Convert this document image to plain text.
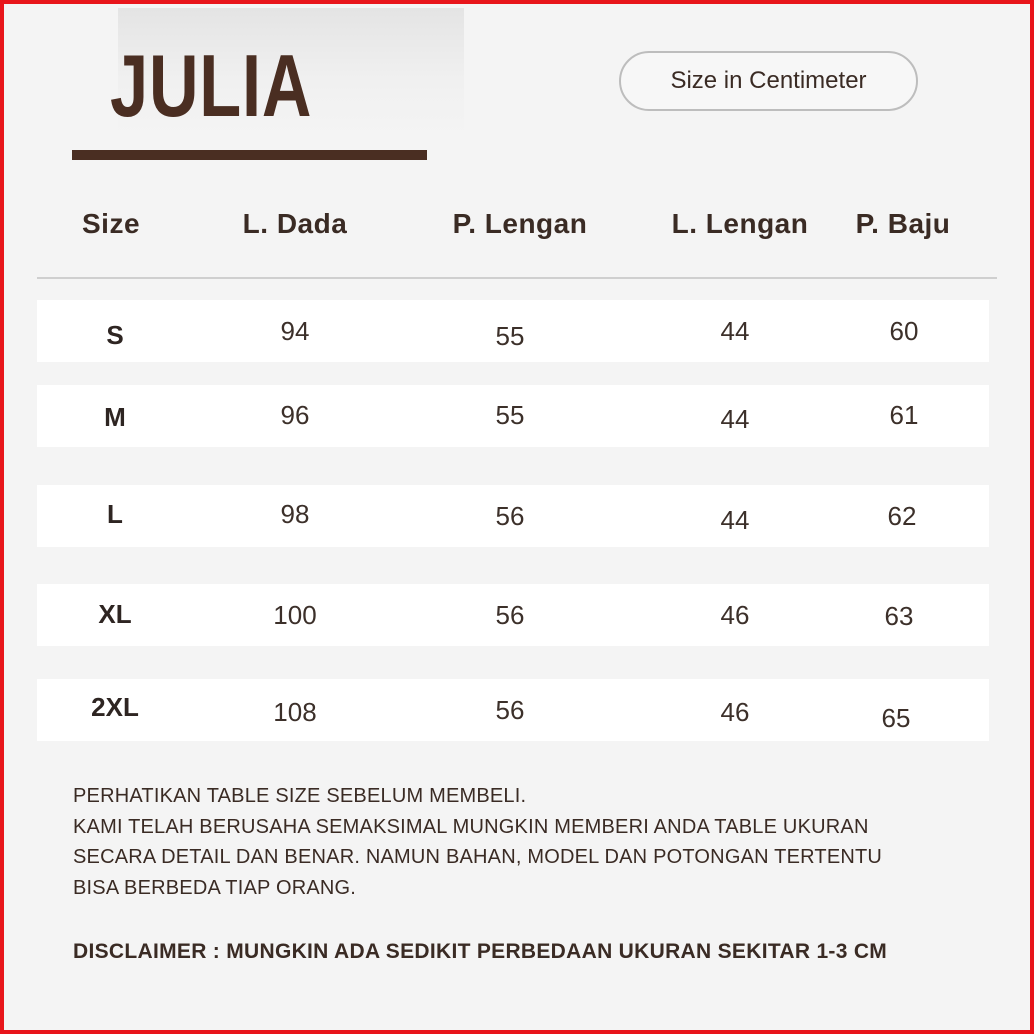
JULIA	Size in Centimeter
Size	L. Dada	P. Lengan	L. Lengan	P. Baju
S	94	55	44	60
M	96	55	44	61
L	98	56	44	62
XL	100	56	46	63
2XL	108	56	46	65
PERHATIKAN TABLE SIZE SEBELUM MEMBELI.
KAMI TELAH BERUSAHA SEMAKSIMAL MUNGKIN MEMBERI ANDA TABLE UKURAN
SECARA DETAIL DAN BENAR. NAMUN BAHAN, MODEL DAN POTONGAN TERTENTU
BISA BERBEDA TIAP ORANG.
DISCLAIMER : MUNGKIN ADA SEDIKIT PERBEDAAN UKURAN SEKITAR 1-3 CM
